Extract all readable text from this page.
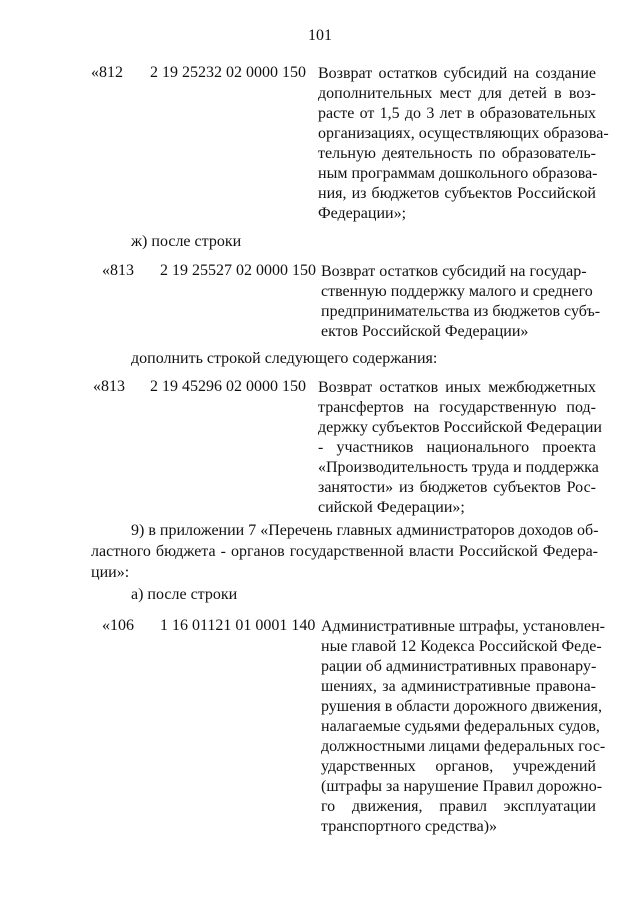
101
«812 2 19 25232 02 0000 150 Возврат остатков субсидий на создание

дополнительных мест для детей в воз-

расте от 1,5 до 3 лет в образовательных

организациях, осуществляющих образова-

тельную деятельность по образователь-

ным программам дошкольного образова-

ния, из бюджетов субъектов Российской

Федерации»;

ж) после строки
«813 2 19 25527 02 0000 150 Возврат остатков субсидий на государ-

ственную поддержку малого и среднего

предпринимательства из бюджетов субъ-

ектов Российской Федерации»

дополнить строкой следующего содержания:
«813 2 19 45296 02 0000 150 Возврат остатков иных межбюджетных

трансфертов на государственную под-

держку субъектов Российской Федерации

- участников национального проекта

«Производительность труда и поддержка

занятости» из бюджетов субъектов Рос-

сийской Федерации»;

9) в приложении 7 «Перечень главных администраторов доходов об-

ластного бюджета - органов государственной власти Российской Федера-

ции»:

а) после строки
«106 1 16 01121 01 0001 140 Административные штрафы, установлен-

ные главой 12 Кодекса Российской Феде-

рации об административных правонару-

шениях, за административные правона-

рушения в области дорожного движения,

налагаемые судьями федеральных судов,

должностными лицами федеральных гос-

ударственных органов, учреждений

(штрафы за нарушение Правил дорожно-

го движения, правил эксплуатации

транспортного средства)»
